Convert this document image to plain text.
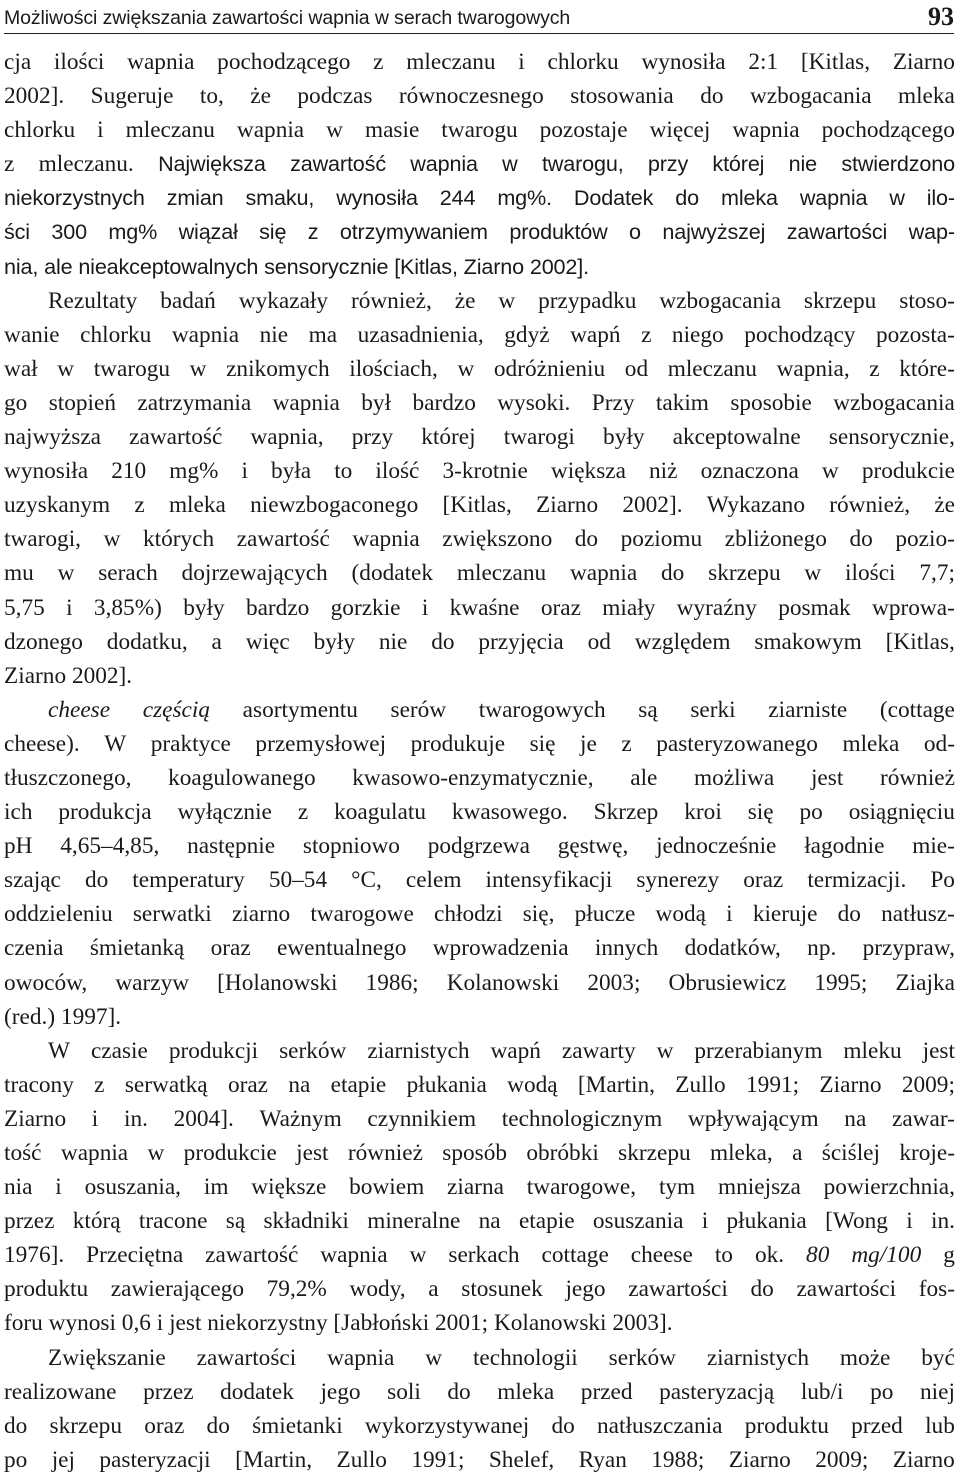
Możliwości zwiększania zawartości wapnia w serach twarogowych	93
cja ilości wapnia pochodzącego z mleczanu i chlorku wynosiła 2:1 [Kitlas, Ziarno
2002]. Sugeruje to, że podczas równoczesnego stosowania do wzbogacania mleka
chlorku i mleczanu wapnia w masie twarogu pozostaje więcej wapnia pochodzącego
z mleczanu. Największa zawartość wapnia w twarogu, przy której nie stwierdzono
niekorzystnych zmian smaku, wynosiła 244 mg%. Dodatek do mleka wapnia w ilo-
ści 300 mg% wiązał się z otrzymywaniem produktów o najwyższej zawartości wap-
nia,
ale
nieakceptowalnych
sensorycznie
[Kitlas,
Ziarno
2002].
Rezultaty badań wykazały również, że w przypadku wzbogacania skrzepu stoso-
wanie chlorku wapnia nie ma uzasadnienia, gdyż wapń z niego pochodzący pozosta-
wał w twarogu w znikomych ilościach, w odróżnieniu od mleczanu wapnia, z które-
go stopień zatrzymania wapnia był bardzo wysoki. Przy takim sposobie wzbogacania
najwyższa zawartość wapnia, przy której twarogi były akceptowalne sensorycznie,
wynosiła 210 mg% i była to ilość 3-krotnie większa niż oznaczona w produkcie
uzyskanym z mleka niewzbogaconego [Kitlas, Ziarno 2002]. Wykazano również, że
twarogi, w których zawartość wapnia zwiększono do poziomu zbliżonego do pozio-
mu w serach dojrzewających (dodatek mleczanu wapnia do skrzepu w ilości 7,7;
5,75 i 3,85%) były bardzo gorzkie i kwaśne oraz miały wyraźny posmak wprowa-
dzonego dodatku, a więc były nie do przyjęcia od względem smakowym [Kitlas,
Ziarno
2002].
cheese częścią asortymentu serów twarogowych są serki ziarniste (cottage
cheese). W praktyce przemysłowej produkuje się je z pasteryzowanego mleka od-
tłuszczonego, koagulowanego kwasowo-enzymatycznie, ale możliwa jest również
ich produkcja wyłącznie z koagulatu kwasowego. Skrzep kroi się po osiągnięciu
pH 4,65–4,85, następnie stopniowo podgrzewa gęstwę, jednocześnie łagodnie mie-
szając do temperatury 50–54 °C, celem intensyfikacji synerezy oraz termizacji. Po
oddzieleniu serwatki ziarno twarogowe chłodzi się, płucze wodą i kieruje do natłusz-
czenia śmietanką oraz ewentualnego wprowadzenia innych dodatków, np. przypraw,
owoców, warzyw [Holanowski 1986; Kolanowski 2003; Obrusiewicz 1995; Ziajka
(red.)
1997].
W czasie produkcji serków ziarnistych wapń zawarty w przerabianym mleku jest
tracony z serwatką oraz na etapie płukania wodą [Martin, Zullo 1991; Ziarno 2009;
Ziarno i in. 2004]. Ważnym czynnikiem technologicznym wpływającym na zawar-
tość wapnia w produkcie jest również sposób obróbki skrzepu mleka, a ściślej kroje-
nia i osuszania, im większe bowiem ziarna twarogowe, tym mniejsza powierzchnia,
przez którą tracone są składniki mineralne na etapie osuszania i płukania [Wong i in.
1976]. Przeciętna zawartość wapnia w serkach cottage cheese to ok. 80 mg/100 g
produktu zawierającego 79,2% wody, a stosunek jego zawartości do zawartości fos-
foru
wynosi
0,6
i
jest
niekorzystny
[Jabłoński
2001;
Kolanowski
2003].
Zwiększanie zawartości wapnia w technologii serków ziarnistych może być
realizowane przez dodatek jego soli do mleka przed pasteryzacją lub/i po niej
do skrzepu oraz do śmietanki wykorzystywanej do natłuszczania produktu przed lub
po jej pasteryzacji [Martin, Zullo 1991; Shelef, Ryan 1988; Ziarno 2009; Ziarno
